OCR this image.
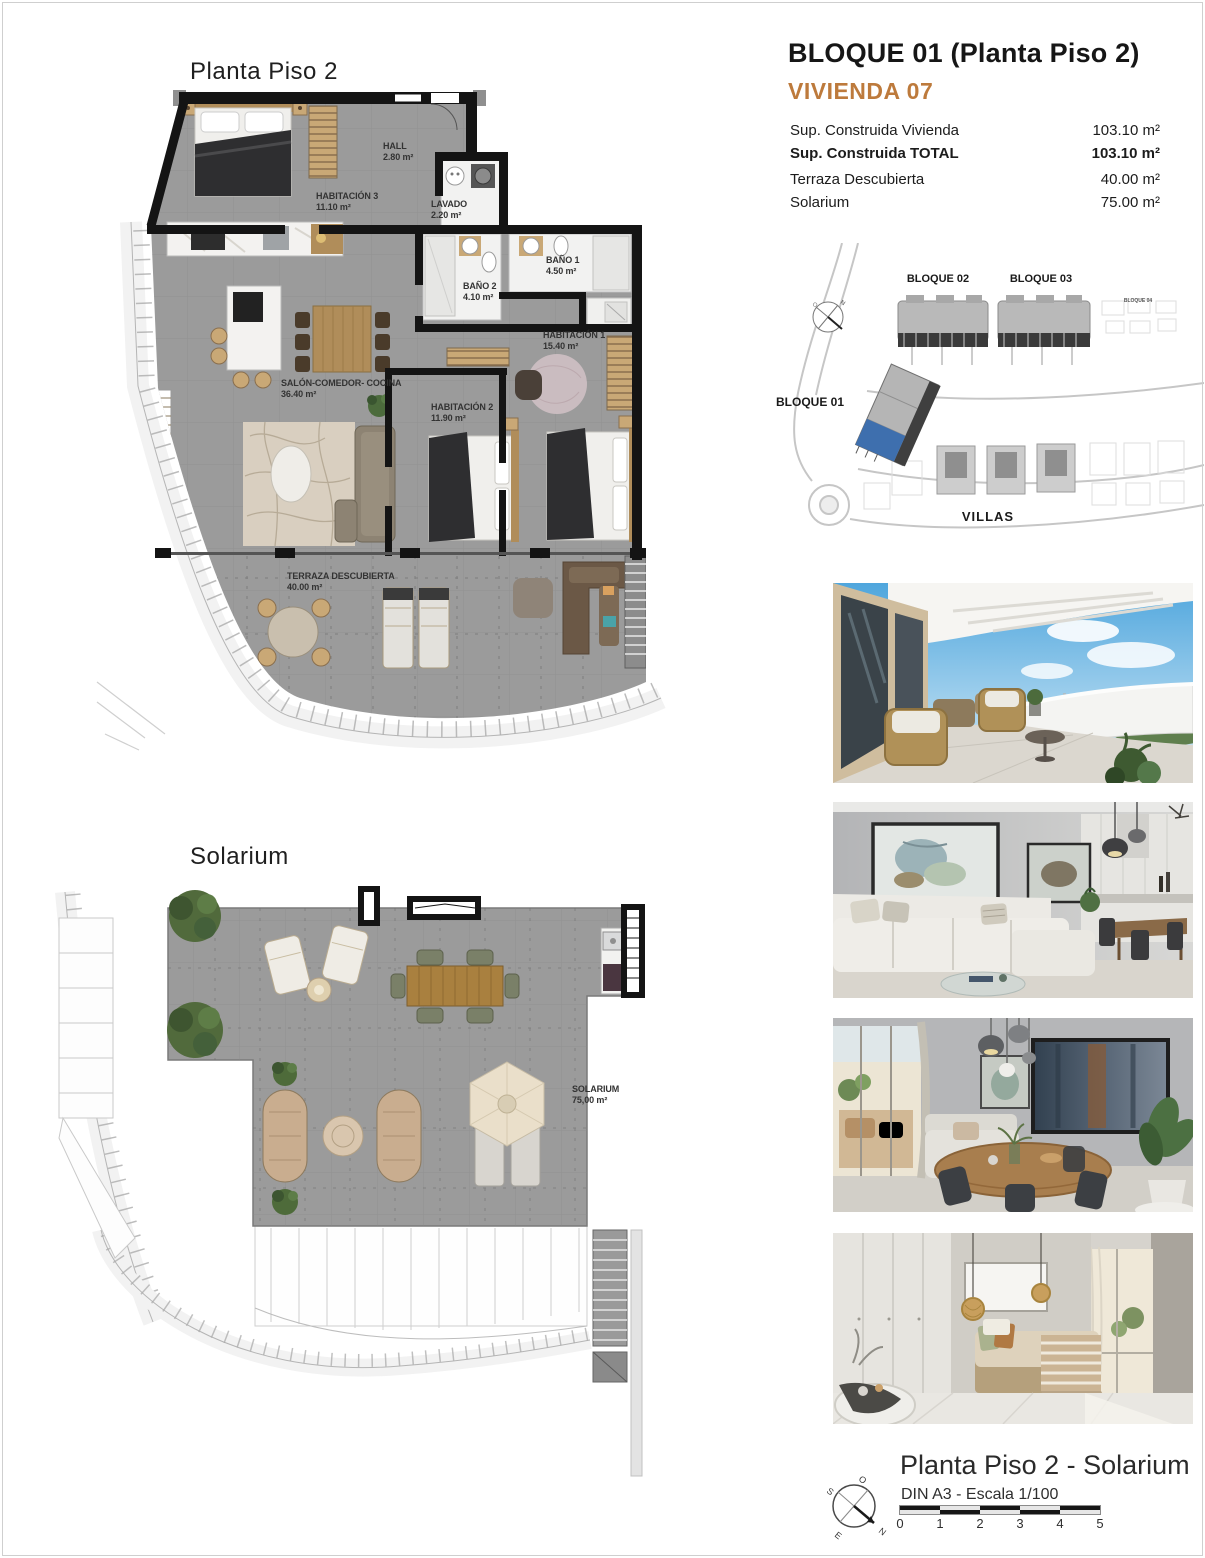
Planta Piso 2
HALL
2.80 m²
HABITACIÓN 3
11.10 m²	LAVADO
2.20 m²
BAÑO 2
4.10 m²
BAÑO 1
4.50 m²
HABITACIÓN 1
15.40 m²
HABITACIÓN 2
11.90 m²
SALÓN-COMEDOR- COCINA
36.40 m²
TERRAZA DESCUBIERTA
40.00 m²
Solarium
SOLARIUM
75,00 m²
BLOQUE 01 (Planta Piso 2)
VIVIENDA 07
Sup. Construida Vivienda	103.10 m²
Sup. Construida TOTAL	103.10 m²
Terraza Descubierta	40.00 m²
Solarium	75.00 m²
N
O
BLOQUE 02	BLOQUE 03
BLOQUE 01
VILLAS
BLOQUE 04
O
S
E	N
Planta Piso 2 - Solarium
DIN A3 - Escala 1/100
0	1	2	3	4	5
